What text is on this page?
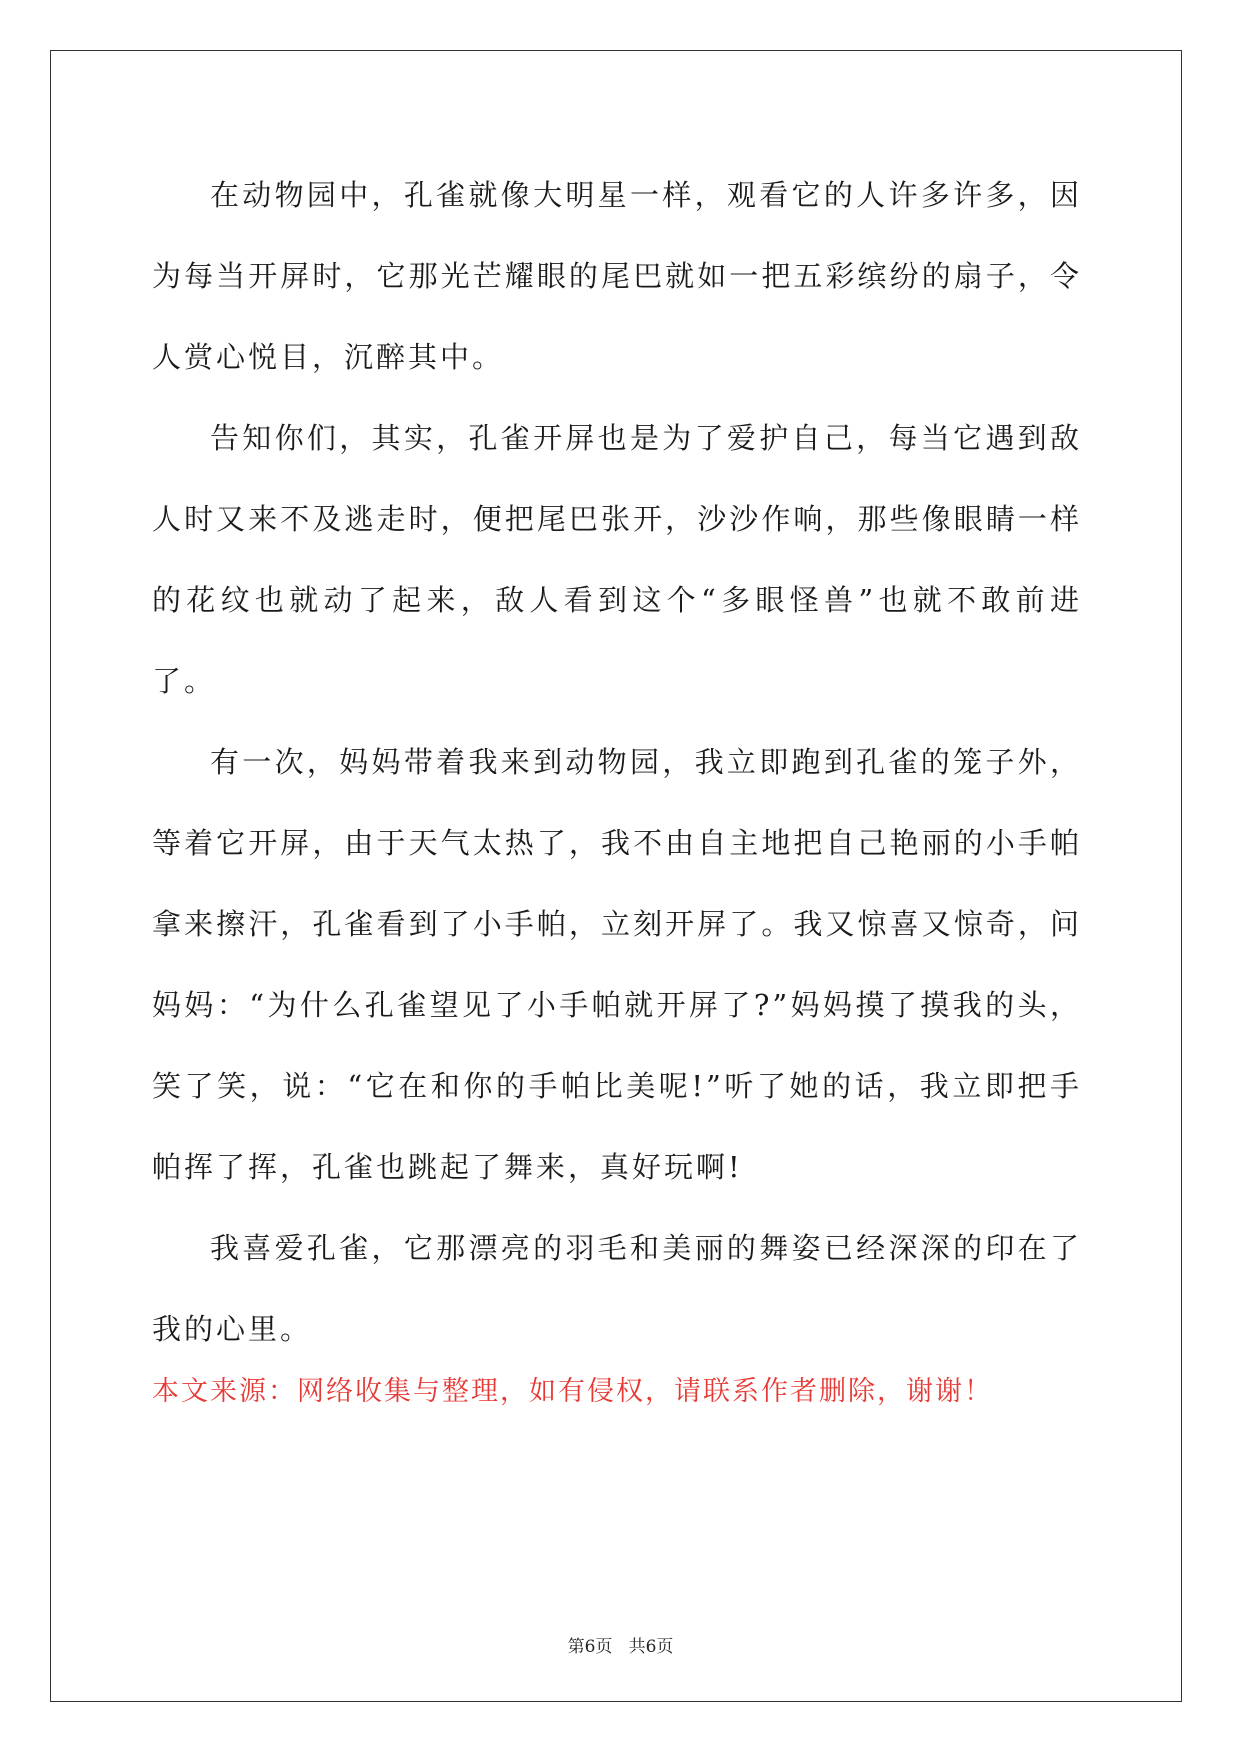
在动物园中，孔雀就像大明星一样，观看它的人许多许多，因为每当开屏时，它那光芒耀眼的尾巴就如一把五彩缤纷的扇子，令人赏心悦目，沉醉其中。

告知你们，其实，孔雀开屏也是为了爱护自己，每当它遇到敌人时又来不及逃走时，便把尾巴张开，沙沙作响，那些像眼睛一样的花纹也就动了起来，敌人看到这个“多眼怪兽”也就不敢前进了。

有一次，妈妈带着我来到动物园，我立即跑到孔雀的笼子外，等着它开屏，由于天气太热了，我不由自主地把自己艳丽的小手帕拿来擦汗，孔雀看到了小手帕，立刻开屏了。我又惊喜又惊奇，问妈妈：“为什么孔雀望见了小手帕就开屏了?”妈妈摸了摸我的头，笑了笑，说：“它在和你的手帕比美呢!”听了她的话，我立即把手帕挥了挥，孔雀也跳起了舞来，真好玩啊!

我喜爱孔雀，它那漂亮的羽毛和美丽的舞姿已经深深的印在了我的心里。

本文来源：网络收集与整理，如有侵权，请联系作者删除，谢谢！

第6页   共6页
